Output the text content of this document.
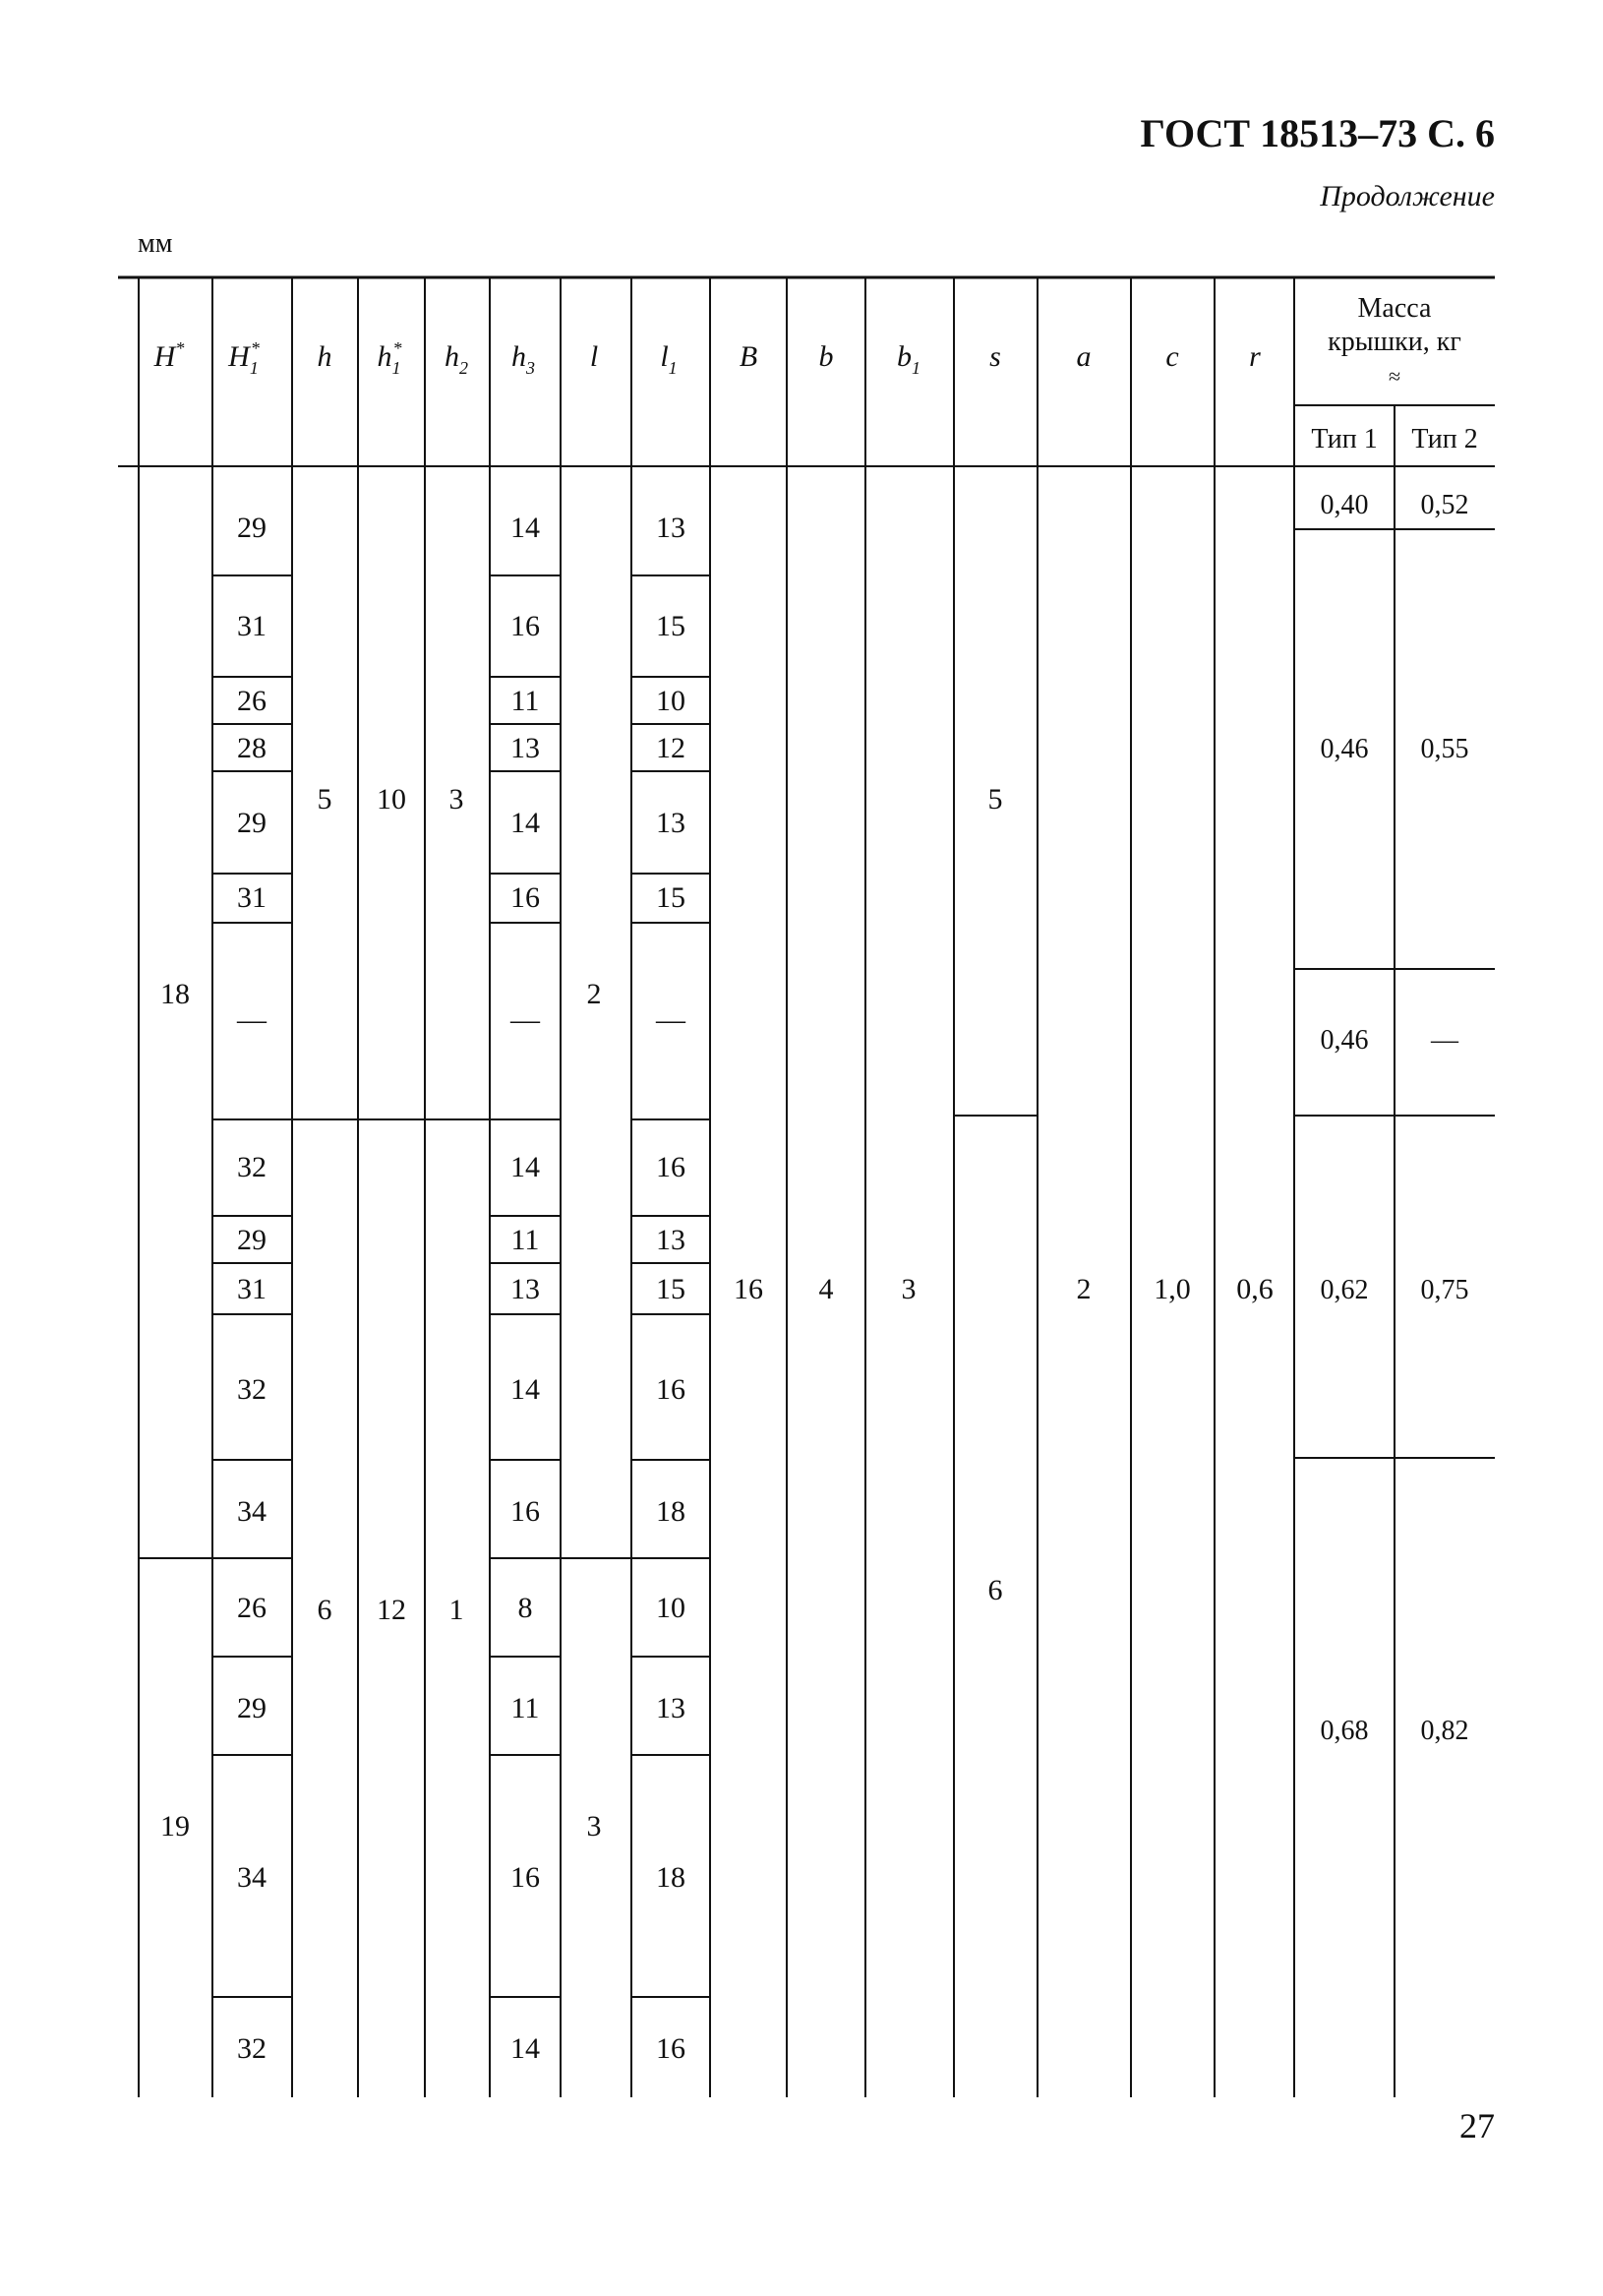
ГОСТ 18513–73 С. 6
Продолжение
мм
H* $H_1*$ h $h_1*$ $h_2$ $h_3$ l $l_1$ B b $b_1$ s	a	c r
Масса
крышки, кг
≈
Тип 1 Тип 2
18
19
29
31
26
28
29
31
—
32
29
31
32
34
26
29
34
32
5
6
10
12
3
1
14
16
11
13
14
16
—
14
11
13
14
16
8
11
16
14
2
3
13
15
10
12
13
15
—
16
13
15
16
18
10
13
18
16
16 4 3
5
6
2 1,0 0,6
0,40
0,46
0,46
0,62
0,68
0,52
0,55
—
0,75
0,82
27
